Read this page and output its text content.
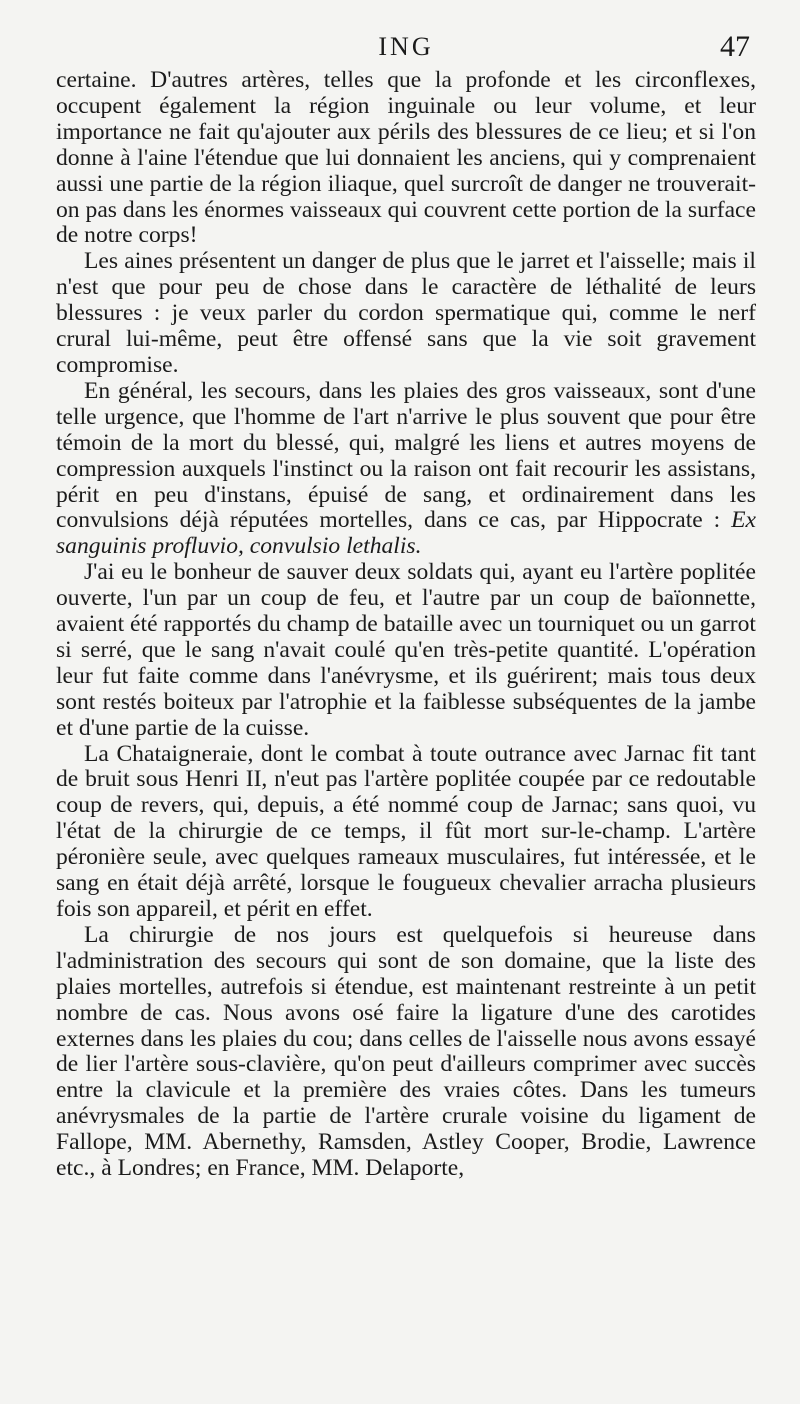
ING	47

certaine. D'autres artères, telles que la profonde et les circonflexes, occupent également la région inguinale ou leur volume, et leur importance ne fait qu'ajouter aux périls des blessures de ce lieu; et si l'on donne à l'aine l'étendue que lui donnaient les anciens, qui y comprenaient aussi une partie de la région iliaque, quel surcroît de danger ne trouverait-on pas dans les énormes vaisseaux qui couvrent cette portion de la surface de notre corps!

Les aines présentent un danger de plus que le jarret et l'aisselle; mais il n'est que pour peu de chose dans le caractère de léthalité de leurs blessures : je veux parler du cordon spermatique qui, comme le nerf crural lui-même, peut être offensé sans que la vie soit gravement compromise.

En général, les secours, dans les plaies des gros vaisseaux, sont d'une telle urgence, que l'homme de l'art n'arrive le plus souvent que pour être témoin de la mort du blessé, qui, malgré les liens et autres moyens de compression auxquels l'instinct ou la raison ont fait recourir les assistans, périt en peu d'instans, épuisé de sang, et ordinairement dans les convulsions déjà réputées mortelles, dans ce cas, par Hippocrate : Ex sanguinis profluvio, convulsio lethalis.

J'ai eu le bonheur de sauver deux soldats qui, ayant eu l'artère poplitée ouverte, l'un par un coup de feu, et l'autre par un coup de baïonnette, avaient été rapportés du champ de bataille avec un tourniquet ou un garrot si serré, que le sang n'avait coulé qu'en très-petite quantité. L'opération leur fut faite comme dans l'anévrysme, et ils guérirent; mais tous deux sont restés boiteux par l'atrophie et la faiblesse subséquentes de la jambe et d'une partie de la cuisse.

La Chataigneraie, dont le combat à toute outrance avec Jarnac fit tant de bruit sous Henri II, n'eut pas l'artère poplitée coupée par ce redoutable coup de revers, qui, depuis, a été nommé coup de Jarnac; sans quoi, vu l'état de la chirurgie de ce temps, il fût mort sur-le-champ. L'artère péronière seule, avec quelques rameaux musculaires, fut intéressée, et le sang en était déjà arrêté, lorsque le fougueux chevalier arracha plusieurs fois son appareil, et périt en effet.

La chirurgie de nos jours est quelquefois si heureuse dans l'administration des secours qui sont de son domaine, que la liste des plaies mortelles, autrefois si étendue, est maintenant restreinte à un petit nombre de cas. Nous avons osé faire la ligature d'une des carotides externes dans les plaies du cou; dans celles de l'aisselle nous avons essayé de lier l'artère sous-clavière, qu'on peut d'ailleurs comprimer avec succès entre la clavicule et la première des vraies côtes. Dans les tumeurs anévrysmales de la partie de l'artère crurale voisine du ligament de Fallope, MM. Abernethy, Ramsden, Astley Cooper, Brodie, Lawrence etc., à Londres; en France, MM. Delaporte,
